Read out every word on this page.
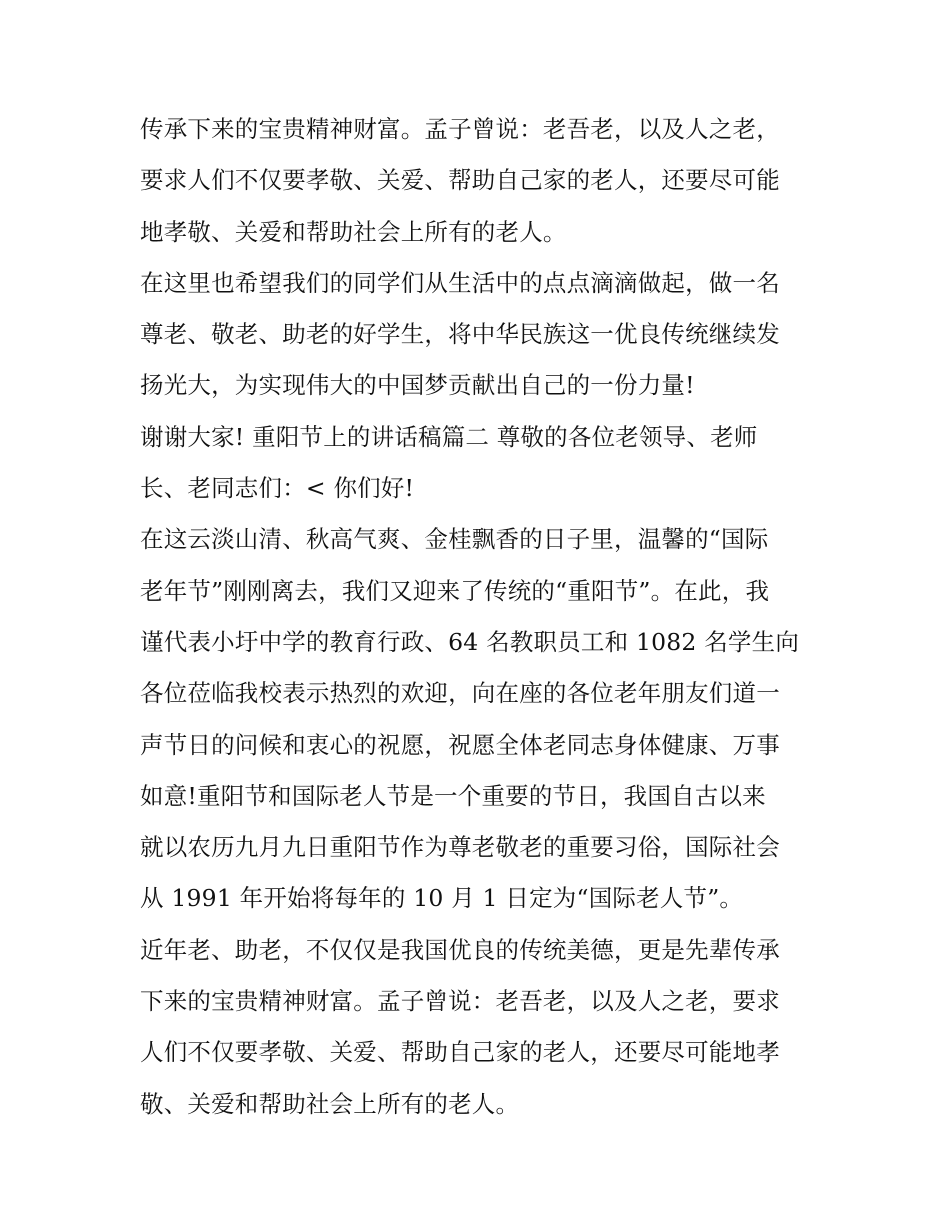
传承下来的宝贵精神财富。孟子曾说：老吾老，以及人之老，
要求人们不仅要孝敬、关爱、帮助自己家的老人，还要尽可能
地孝敬、关爱和帮助社会上所有的老人。
在这里也希望我们的同学们从生活中的点点滴滴做起，做一名
尊老、敬老、助老的好学生，将中华民族这一优良传统继续发
扬光大，为实现伟大的中国梦贡献出自己的一份力量!
谢谢大家! 重阳节上的讲话稿篇二 尊敬的各位老领导、老师
长、老同志们：< 你们好!
在这云淡山清、秋高气爽、金桂飘香的日子里，温馨的“国际
老年节”刚刚离去，我们又迎来了传统的“重阳节”。在此，我
谨代表小圩中学的教育行政、64 名教职员工和 1082 名学生向
各位莅临我校表示热烈的欢迎，向在座的各位老年朋友们道一
声节日的问候和衷心的祝愿，祝愿全体老同志身体健康、万事
如意!重阳节和国际老人节是一个重要的节日，我国自古以来
就以农历九月九日重阳节作为尊老敬老的重要习俗，国际社会
从 1991 年开始将每年的 10 月 1 日定为“国际老人节”。
近年老、助老，不仅仅是我国优良的传统美德，更是先辈传承
下来的宝贵精神财富。孟子曾说：老吾老，以及人之老，要求
人们不仅要孝敬、关爱、帮助自己家的老人，还要尽可能地孝
敬、关爱和帮助社会上所有的老人。
